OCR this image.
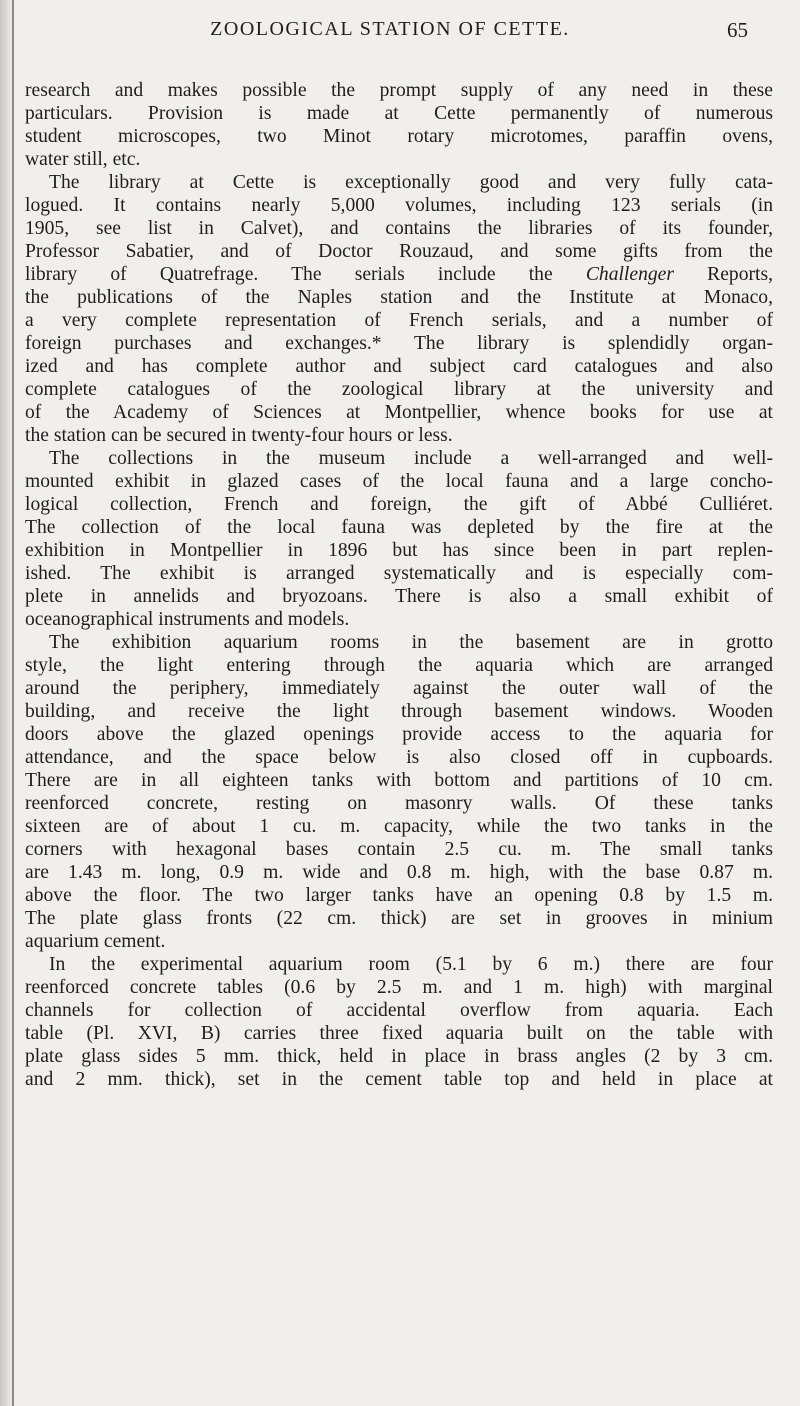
ZOOLOGICAL STATION OF CETTE.	65
research and makes possible the prompt supply of any need in these
particulars. Provision is made at Cette permanently of numerous
student microscopes, two Minot rotary microtomes, paraffin ovens,
water still, etc.
The library at Cette is exceptionally good and very fully cata-
logued. It contains nearly 5,000 volumes, including 123 serials (in
1905, see list in Calvet), and contains the libraries of its founder,
Professor Sabatier, and of Doctor Rouzaud, and some gifts from the
library of Quatrefrage. The serials include the Challenger Reports,
the publications of the Naples station and the Institute at Monaco,
a very complete representation of French serials, and a number of
foreign purchases and exchanges.* The library is splendidly organ-
ized and has complete author and subject card catalogues and also
complete catalogues of the zoological library at the university and
of the Academy of Sciences at Montpellier, whence books for use at
the station can be secured in twenty-four hours or less.
The collections in the museum include a well-arranged and well-
mounted exhibit in glazed cases of the local fauna and a large concho-
logical collection, French and foreign, the gift of Abbé Culliéret.
The collection of the local fauna was depleted by the fire at the
exhibition in Montpellier in 1896 but has since been in part replen-
ished. The exhibit is arranged systematically and is especially com-
plete in annelids and bryozoans. There is also a small exhibit of
oceanographical instruments and models.
The exhibition aquarium rooms in the basement are in grotto
style, the light entering through the aquaria which are arranged
around the periphery, immediately against the outer wall of the
building, and receive the light through basement windows. Wooden
doors above the glazed openings provide access to the aquaria for
attendance, and the space below is also closed off in cupboards.
There are in all eighteen tanks with bottom and partitions of 10 cm.
reenforced concrete, resting on masonry walls. Of these tanks
sixteen are of about 1 cu. m. capacity, while the two tanks in the
corners with hexagonal bases contain 2.5 cu. m. The small tanks
are 1.43 m. long, 0.9 m. wide and 0.8 m. high, with the base 0.87 m.
above the floor. The two larger tanks have an opening 0.8 by 1.5 m.
The plate glass fronts (22 cm. thick) are set in grooves in minium
aquarium cement.
In the experimental aquarium room (5.1 by 6 m.) there are four
reenforced concrete tables (0.6 by 2.5 m. and 1 m. high) with marginal
channels for collection of accidental overflow from aquaria. Each
table (Pl. XVI, B) carries three fixed aquaria built on the table with
plate glass sides 5 mm. thick, held in place in brass angles (2 by 3 cm.
and 2 mm. thick), set in the cement table top and held in place at
